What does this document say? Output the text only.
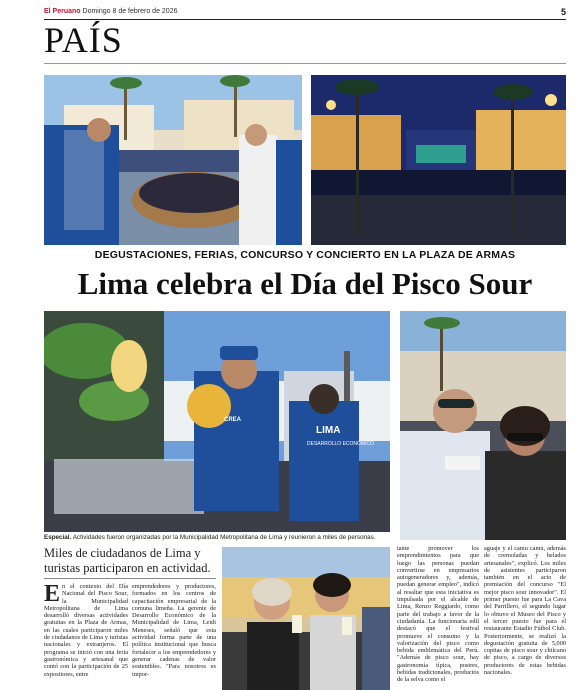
El Peruano Domingo 8 de febrero de 2026	5
PAÍS
DEGUSTACIONES, FERIAS, CONCURSO Y CONCIERTO EN LA PLAZA DE ARMAS
Lima celebra el Día del Pisco Sour
LIMA
DESARROLLO ECONÓMICO
CREA
Especial. Actividades fueron organizadas por la Municipalidad Metropolitana de Lima y reunieron a miles de personas.
Miles de ciudadanos de Lima y turistas participaron en actividad.
En el contexto del Día Nacional del Pisco Sour, la Municipalidad Metropolitana de Lima desarrolló diversas actividades gratuitas en la Plaza de Armas, en las cuales participaron miles de ciudadanos de Lima y turistas nacionales y extranjeros. El programa se inició con una feria gastronómica y artesanal que contó con la participación de 25 expositores, entre
emprendedores y productores, formados en los centros de capacitación empresarial de la comuna limeña. La gerente de Desarrollo Económico de la Municipalidad de Lima, Leidi Meneses, señaló que esta actividad forma parte de una política institucional que busca fortalecer a los emprendedores y generar cadenas de valor sostenibles. "Para nosotros es impor-
tante promover los emprendimientos para que luego las personas puedan convertirse en empresarios autogeneradores y, además, puedan generar empleo", indicó al resaltar que esta iniciativa es impulsada por el alcalde de Lima, Renzo Reggiardo, como parte del trabajo a favor de la ciudadanía. La funcionaria edil destacó que el festival promueve el consumo y la valorización del pisco como bebida emblemática del Perú. "Además de pisco sour, hay gastronomía típica, postres, bebidas tradicionales, productos de la selva como el
aguaje y el camu camu, además de cremoladas y helados artesanales", explicó. Los miles de asistentes participaron también en el acto de premiación del concurso "El mejor pisco sour innovador". El primer puesto fue para La Cava del Parrillero, el segundo lugar lo obtuvo el Museo del Pisco y el tercer puesto fue para el restaurante Estadio Fútbol Club. Posteriormente, se realizó la degustación gratuita de 5,000 copitas de pisco sour y chilcano de pisco, a cargo de diversos productores de estas bebidas nacionales.
